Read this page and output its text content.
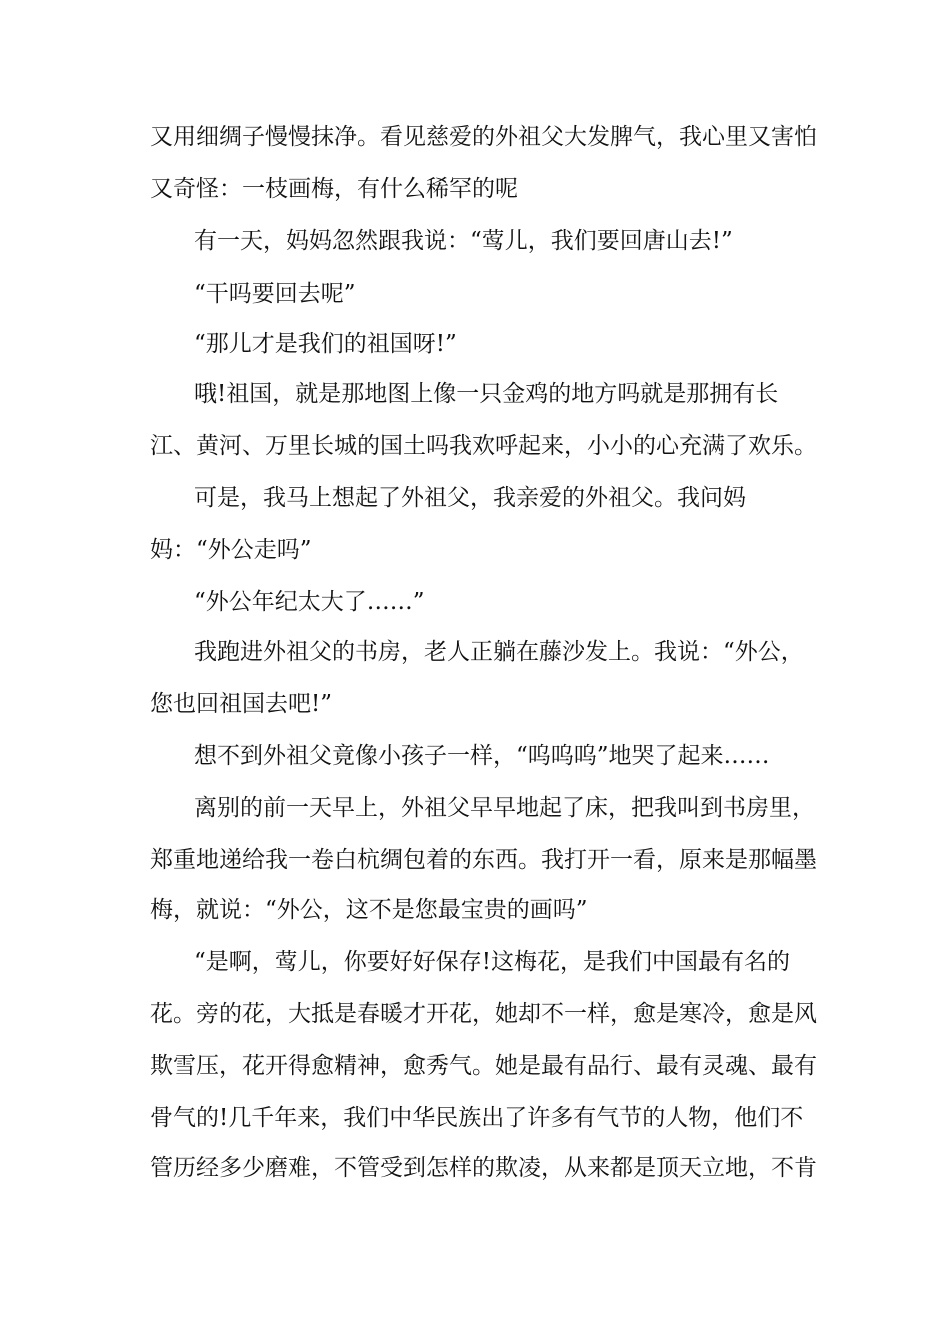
又用细绸子慢慢抹净。看见慈爱的外祖父大发脾气，我心里又害怕
又奇怪：一枝画梅，有什么稀罕的呢
有一天，妈妈忽然跟我说：“莺儿，我们要回唐山去!”
“干吗要回去呢”
“那儿才是我们的祖国呀!”
哦!祖国，就是那地图上像一只金鸡的地方吗就是那拥有长
江、黄河、万里长城的国土吗我欢呼起来，小小的心充满了欢乐。
可是，我马上想起了外祖父，我亲爱的外祖父。我问妈
妈：“外公走吗”
“外公年纪太大了……”
我跑进外祖父的书房，老人正躺在藤沙发上。我说：“外公，
您也回祖国去吧!”
想不到外祖父竟像小孩子一样，“呜呜呜”地哭了起来……
离别的前一天早上，外祖父早早地起了床，把我叫到书房里，
郑重地递给我一卷白杭绸包着的东西。我打开一看，原来是那幅墨
梅，就说：“外公，这不是您最宝贵的画吗”
“是啊，莺儿，你要好好保存!这梅花，是我们中国最有名的
花。旁的花，大抵是春暖才开花，她却不一样，愈是寒冷，愈是风
欺雪压，花开得愈精神，愈秀气。她是最有品行、最有灵魂、最有
骨气的!几千年来，我们中华民族出了许多有气节的人物，他们不
管历经多少磨难，不管受到怎样的欺凌，从来都是顶天立地，不肯
